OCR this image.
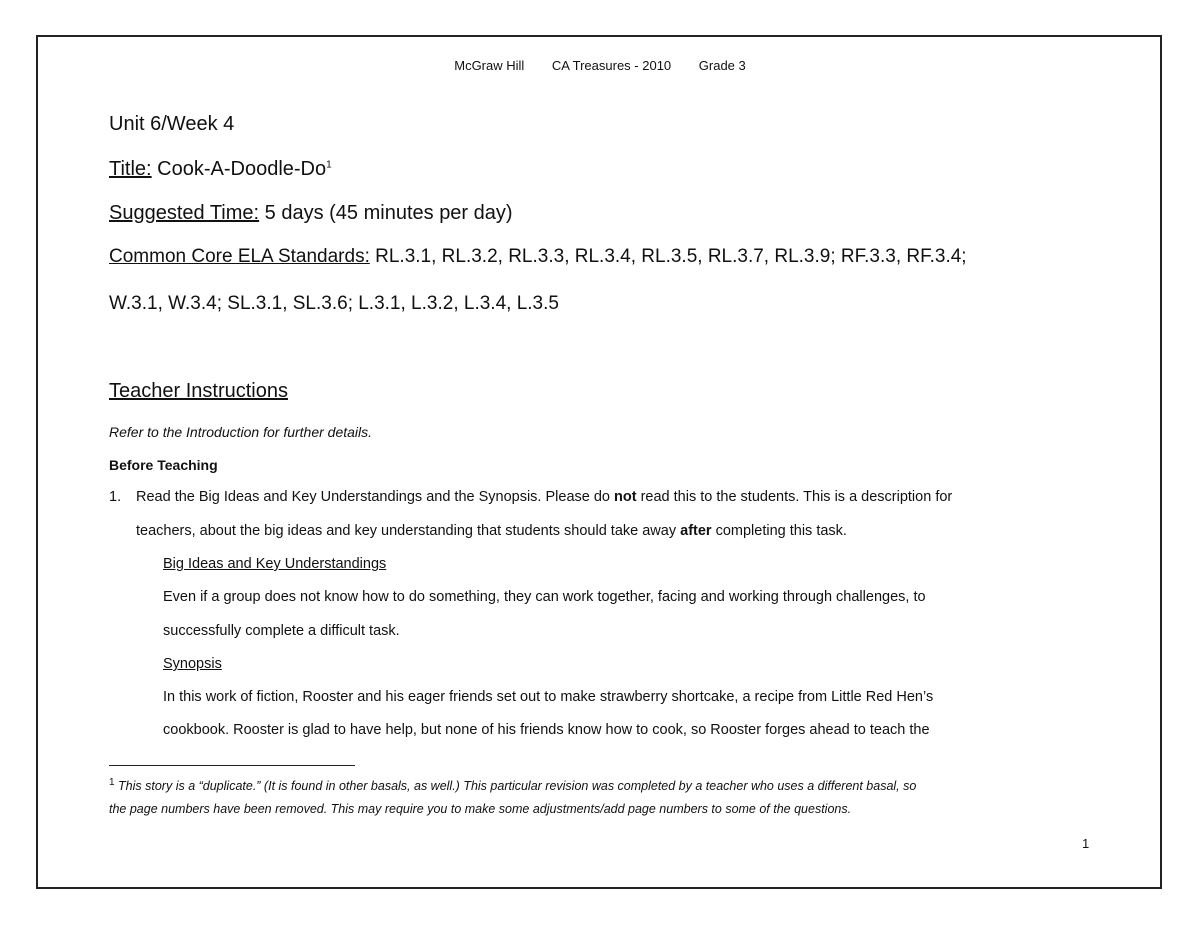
McGraw Hill CA Treasures - 2010 Grade 3
Unit 6/Week 4
Title: Cook-A-Doodle-Do$^1$
Suggested Time: 5 days (45 minutes per day)
Common Core ELA Standards: RL.3.1, RL.3.2, RL.3.3, RL.3.4, RL.3.5, RL.3.7, RL.3.9; RF.3.3, RF.3.4;
W.3.1, W.3.4; SL.3.1, SL.3.6; L.3.1, L.3.2, L.3.4, L.3.5
Teacher Instructions
Refer to the Introduction for further details.
Before Teaching
1. Read the Big Ideas and Key Understandings and the Synopsis. Please do not read this to the students. This is a description for
teachers, about the big ideas and key understanding that students should take away after completing this task.
Big Ideas and Key Understandings
Even if a group does not know how to do something, they can work together, facing and working through challenges, to
successfully complete a difficult task.
Synopsis
In this work of fiction, Rooster and his eager friends set out to make strawberry shortcake, a recipe from Little Red Hen’s
cookbook. Rooster is glad to have help, but none of his friends know how to cook, so Rooster forges ahead to teach the
$^1$ This story is a “duplicate.” (It is found in other basals, as well.) This particular revision was completed by a teacher who uses a different basal, so
the page numbers have been removed. This may require you to make some adjustments/add page numbers to some of the questions.
1
